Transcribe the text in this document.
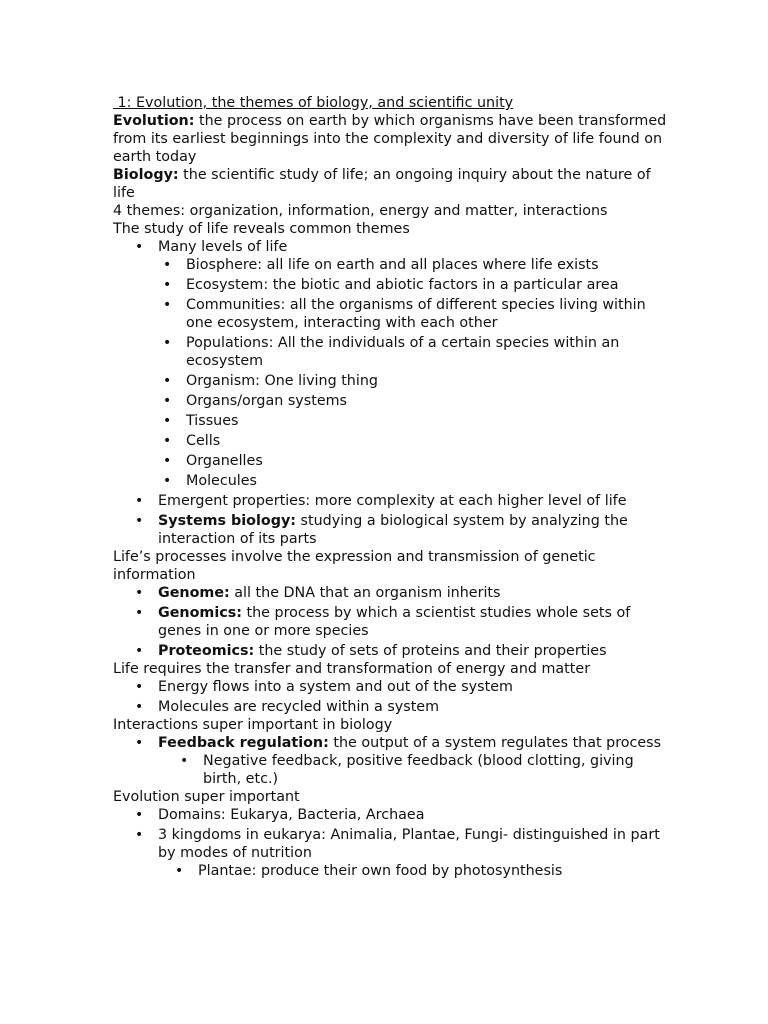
1: Evolution, the themes of biology, and scientific unity

Evolution: the process on earth by which organisms have been transformed from its earliest beginnings into the complexity and diversity of life found on earth today

Biology: the scientific study of life; an ongoing inquiry about the nature of life

4 themes: organization, information, energy and matter, interactions

The study of life reveals common themes

• Many levels of life
• Biosphere: all life on earth and all places where life exists
• Ecosystem: the biotic and abiotic factors in a particular area
• Communities: all the organisms of different species living within one ecosystem, interacting with each other
• Populations: All the individuals of a certain species within an ecosystem
• Organism: One living thing
• Organs/organ systems
• Tissues
• Cells
• Organelles
• Molecules
• Emergent properties: more complexity at each higher level of life
• Systems biology: studying a biological system by analyzing the interaction of its parts

Life’s processes involve the expression and transmission of genetic information

• Genome: all the DNA that an organism inherits
• Genomics: the process by which a scientist studies whole sets of genes in one or more species
• Proteomics: the study of sets of proteins and their properties

Life requires the transfer and transformation of energy and matter

• Energy flows into a system and out of the system
• Molecules are recycled within a system

Interactions super important in biology

• Feedback regulation: the output of a system regulates that process
• Negative feedback, positive feedback (blood clotting, giving birth, etc.)

Evolution super important

• Domains: Eukarya, Bacteria, Archaea
• 3 kingdoms in eukarya: Animalia, Plantae, Fungi- distinguished in part by modes of nutrition
• Plantae: produce their own food by photosynthesis
